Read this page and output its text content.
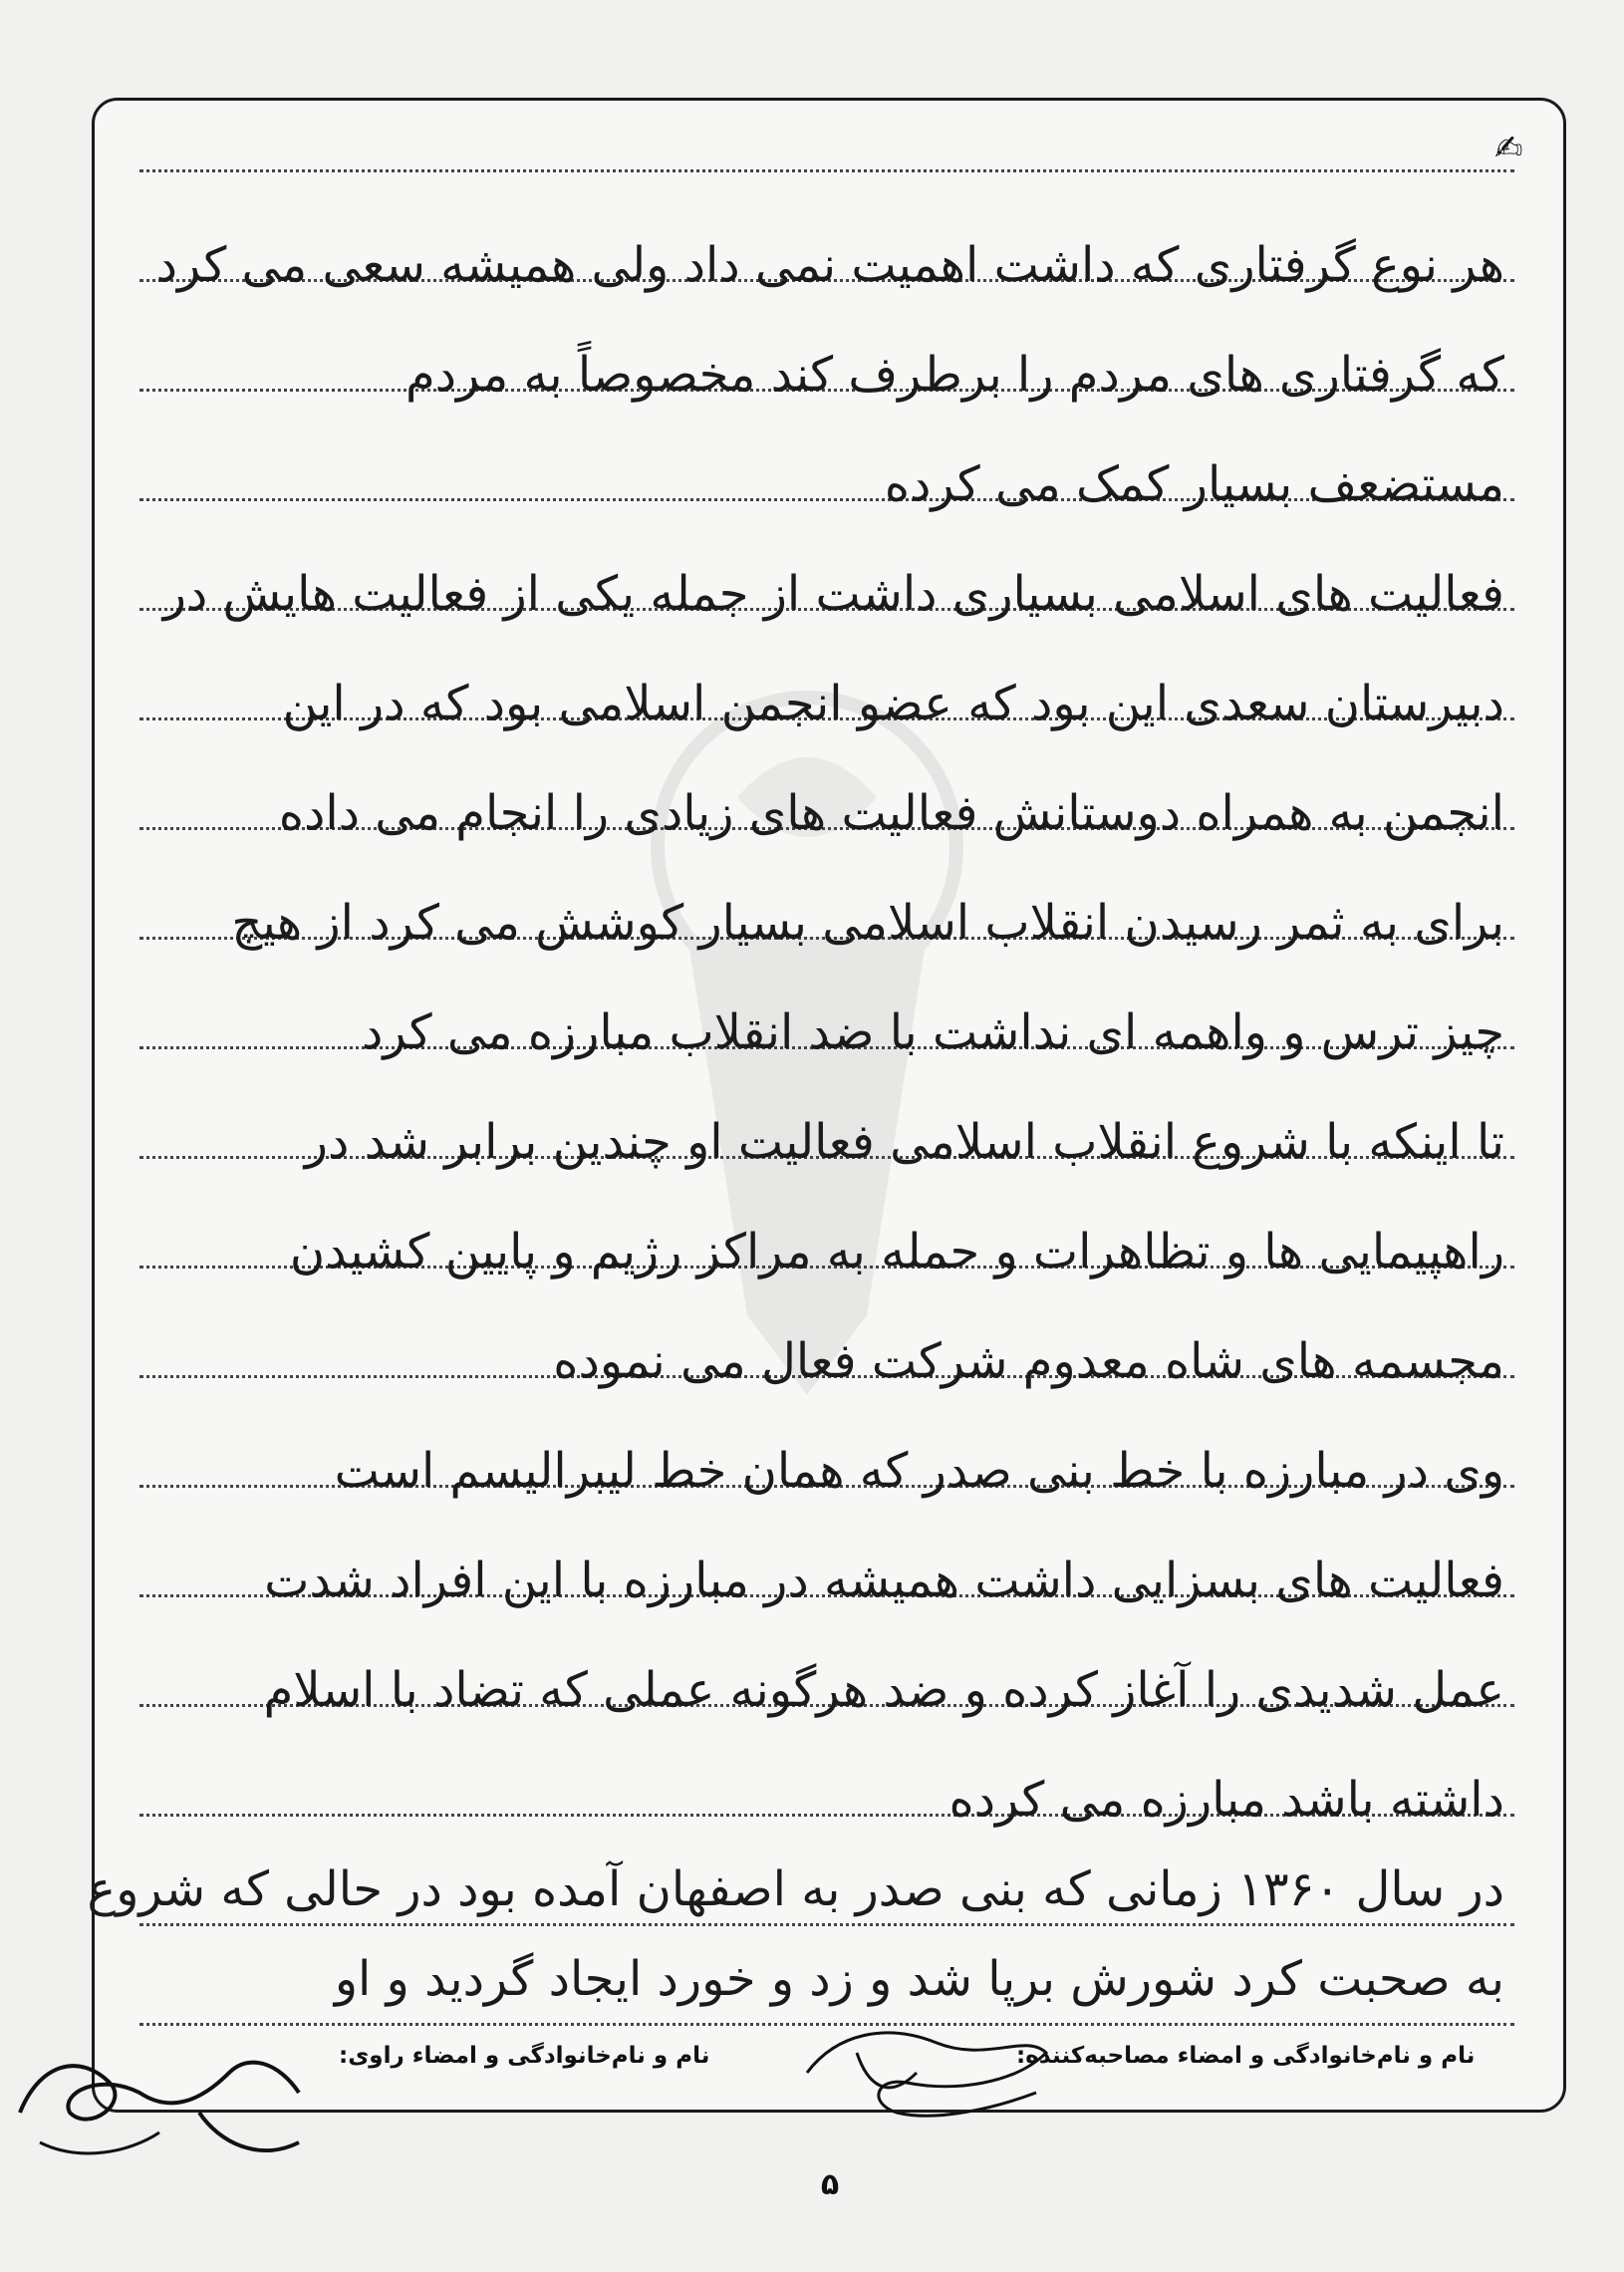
✍
هر نوع گرفتاری که داشت اهمیت نمی داد ولی همیشه سعی می کرد
که گرفتاری های مردم را برطرف کند مخصوصاً به مردم
مستضعف بسیار کمک می کرده
فعالیت های اسلامی بسیاری داشت از جمله یکی از فعالیت هایش در
دبیرستان سعدی این بود که عضو انجمن اسلامی بود که در این
انجمن به همراه دوستانش فعالیت های زیادی را انجام می داده
برای به ثمر رسیدن انقلاب اسلامی بسیار کوشش می کرد از هیچ
چیز ترس و واهمه ای نداشت با ضد انقلاب مبارزه می کرد
تا اینکه با شروع انقلاب اسلامی فعالیت او چندین برابر شد در
راهپیمایی ها و تظاهرات و حمله به مراکز رژیم و پایین کشیدن
مجسمه های شاه معدوم شرکت فعال می نموده
وی در مبارزه با خط بنی صدر که همان خط لیبرالیسم است
فعالیت های بسزایی داشت همیشه در مبارزه با این افراد شدت
عمل شدیدی را آغاز کرده و ضد هرگونه عملی که تضاد با اسلام
داشته باشد مبارزه می کرده
در سال ۱۳۶۰ زمانی که بنی صدر به اصفهان آمده بود در حالی که شروع
به صحبت کرد شورش برپا شد و زد و خورد ایجاد گردید و او
نام و نام‌خانوادگی و امضاء مصاحبه‌کننده:
نام و نام‌خانوادگی و امضاء راوی:
۵
